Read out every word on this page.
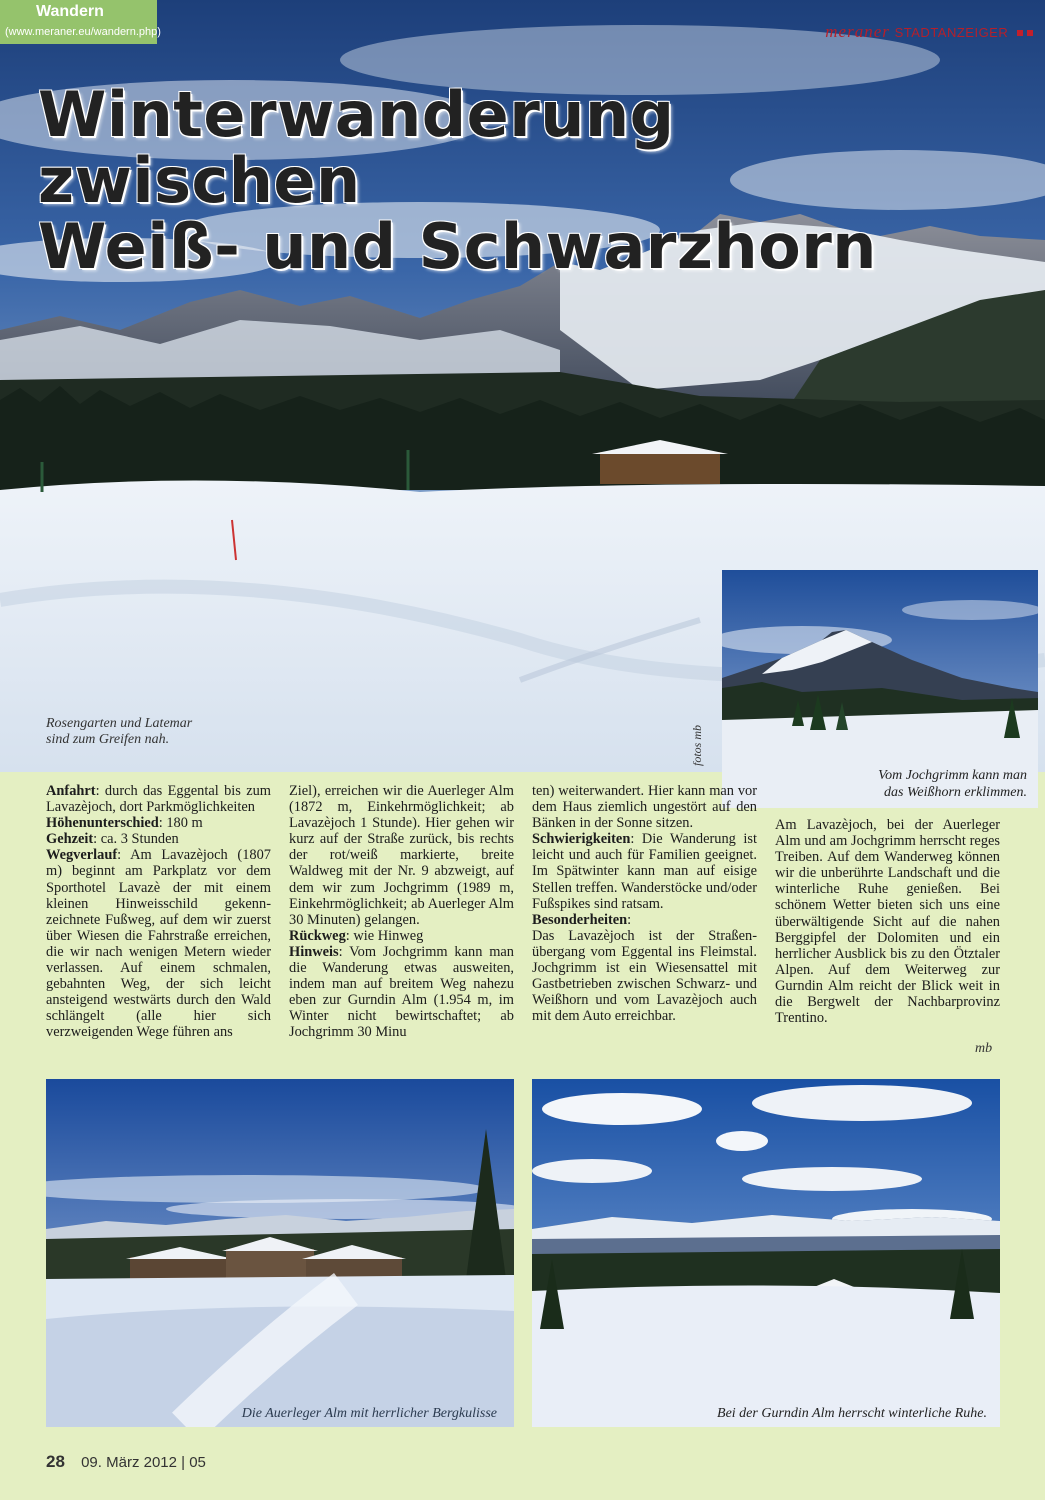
Wandern
(www.meraner.eu/wandern.php)	meraner STADTANZEIGER
Winterwanderung zwischen
Weiß- und Schwarzhorn
Rosengarten und Latemar
sind zum Greifen nah.	fotos mb
Vom Jochgrimm kann man
das Weißhorn erklimmen.
Anfahrt: durch das Eggental bis zum Lavazèjoch, dort Parkmöglichkeiten
Höhenunterschied: 180 m
Gehzeit: ca. 3 Stunden
Wegverlauf: Am Lavazèjoch (1807 m) beginnt am Parkplatz vor dem Sporthotel Lavazè der mit einem kleinen Hinweisschild gekennzeichnete Fußweg, auf dem wir zuerst über Wiesen die Fahrstraße erreichen, die wir nach wenigen Metern wieder verlassen. Auf einem schmalen, gebahnten Weg, der sich leicht ansteigend westwärts durch den Wald schlängelt (alle hier sich verzweigenden Wege führen ans
Ziel), erreichen wir die Auerleger Alm (1872 m, Einkehrmöglichkeit; ab Lavazèjoch 1 Stunde). Hier gehen wir kurz auf der Straße zurück, bis rechts der rot/weiß markierte, breite Waldweg mit der Nr. 9 abzweigt, auf dem wir zum Jochgrimm (1989 m, Einkehrmöglichkeit; ab Auerleger Alm 30 Minuten) gelangen.
Rückweg: wie Hinweg
Hinweis: Vom Jochgrimm kann man die Wanderung etwas ausweiten, indem man auf breitem Weg nahezu eben zur Gurndin Alm (1.954 m, im Winter nicht bewirtschaftet; ab Jochgrimm 30 Minu
ten) weiterwandert. Hier kann man vor dem Haus ziemlich ungestört auf den Bänken in der Sonne sitzen.
Schwierigkeiten: Die Wanderung ist leicht und auch für Familien geeignet. Im Spätwinter kann man auf eisige Stellen treffen. Wanderstöcke und/oder Fußspikes sind ratsam.
Besonderheiten:
Das Lavazèjoch ist der Straßenübergang vom Eggental ins Fleimstal. Jochgrimm ist ein Wiesensattel mit Gastbetrieben zwischen Schwarz- und Weißhorn und vom Lavazèjoch auch mit dem Auto erreichbar.
Am Lavazèjoch, bei der Auerleger Alm und am Jochgrimm herrscht reges Treiben. Auf dem Wanderweg können wir die unberührte Landschaft und die winterliche Ruhe genießen. Bei schönem Wetter bieten sich uns eine überwältigende Sicht auf die nahen Berggipfel der Dolomiten und ein herrlicher Ausblick bis zu den Ötztaler Alpen. Auf dem Weiterweg zur Gurndin Alm reicht der Blick weit in die Bergwelt der Nachbarprovinz Trentino.
mb
Die Auerleger Alm mit herrlicher Bergkulisse	Bei der Gurndin Alm herrscht winterliche Ruhe.
28 09. März 2012 | 05
